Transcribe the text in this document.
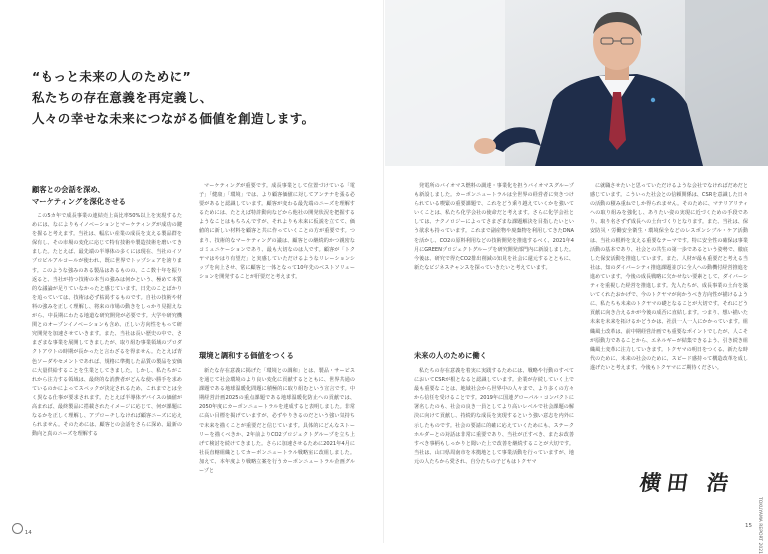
“もっと未来の人のために”
私たちの存在意義を再定義し、
人々の幸せな未来につながる価値を創造します。
顧客との会話を深め、
マーケティングを深化させる

この5カ年で成長事業の連結売上高比率50%以上を実現するためには、なによりもイノベーションとマーケティングが成功の鍵を握ると考えます。当社は、幅広い産業の成長を支える製品群を保有し、その市場の変化に応じて特有技術や製造技術を磨いてきました。たとえば、最先端の半導体の多くには現在、当社のイソプロピルアルコールが使われ、既に世界でトップシェアを誇ります。このような強みのある製品はあるものの、ここ数十年を振り返ると、当社が持つ技術の本当の強みは何かという、極めて本質的な議論が足りていなかったと感じています。日先のことばかりを追っていては、技術は必ず枯渇するものです。自社の技術や材料の強みを正しく理解し、将来の市場の動きをしっかり見据えながら、中長期にわたる地道な研究開発が必要です。大学や研究機関とのオープンイノベーションも含め、正しい方向性をもって研究開発を加速させていきます。また、当社は長い歴史の中で、さまざまな事業を展開してきましたが、取り組む事業領域のプロダクトアウトの時期が長かったと言わざるを得ません。たとえば青色ソーダやセメントであれば、規格に準拠した品質の製品を安価に大量供給することを生業としてきました。しかし、私たちがこれから注力する領域は、最終的な消費者がどんな使い勝手を求めているのかによってスペックが決定されるため、これまでとは全く異なる仕事が要求されます。たとえば半導体デバイスの価値が高まれば、最終製品に搭載されたイメージに応じて、何が課題になるかを正しく理解し、アプローチしなければ顧客ニーズに応えられません。そのためには、顧客との会話をさらに深め、最新の動向と真のニーズを理解する

マーケティングが重要です。成長事業として位置づけている「電子」「健康」「環境」では、より顧客価値に対してアンテナを張る必要があると認識しています。顧客が変わる最先端のニーズを理解するためには、たとえば特許動向などから他社の開発状況を把握するようなことはもちろんですが、それよりも未来に仮説を立てて、価値的に新しい材料を顧客と共に作っていくことの方が重要です。つまり、技術的なマーケティングの議は、顧客との継続的かつ親密なコミュニケーションであり、最も大切なのは人です。顧客が「トクヤマはやはり有望だ」と実感していただけるようなリレーションシップを向上させ、常に顧客と一体となって10年先のベストソリューションを開発することが肝要だと考えます。

環境と調和する価値をつくる

新たな存在意義に掲げた「環境との調和」とは、製品・サービスを通じて社会環境のより良い変化に貢献するとともに、世界共通の課題である地球温暖化問題に積極的に取り組むという宣言です。中期経営計画2025の重点課題である地球温暖化防止への貢献では、2050年度にカーボンニュートラルを達成すると表明しました。非常に高い目標を掲げていますが、必ずやりきるのだという強い気持ちで未来を描くことが重要だと信じています。具体的にどんなストーリーを描くべきか、2年前よりCO2プロジェクトグループを立ち上げて検討を続けてきました。さらに加速させるために2021年4月に社長直轄組織としてカーボンニュートラル戦略室に改組しました。加えて、本年度より戦略立案を行うカーボンニュートラル企画グループと

14

発電所のバイオマス燃料の調達・事業化を担うバイオマスグループも新設しました。カーボンニュートラルは全世界の経営者に突きつけられている喫緊の重要課題で、これをどう乗り越えていくかを強いていくことは、私たち化学会社の使命だと考えます。さらに化学会社としては、ナクノロジーによってさまざまな課題解決を目指したいという欲求も持っています。これまで副産物や廃棄物を利用してきたDNAを活かし、CO2の原料利用などの技術開発を推進するべく、2021年4月にGREENプロジェクトグループを研究開発部門内に新設しました。今後は、研究で得たCO2排出削減の知見を社会に還元するとともに、新たなビジネスチャンスを探っていきたいと考えています。

未来の人のために働く

私たちの存在意義を着実に実践するためには、戦略や行動のすべてにおいてCSRが根となると認識しています。企業が存続していく上で最も重要なことは、地域社会から世界中の人々まで、より多くの方々から信任を受けることです。2019年に国連グローバル・コンパクトに署名したのも、社会の良き一員としてより高いレベルで社会課題の解決に向けて貢献し、持続的な成長を実現するという強い意志を内外に示したものです。社会の要請に的確に応えていくためにも、ステークホルダーとの対話は非常に重要であり、当社が正すべき、またお改善すべき事柄もしっかりと聞いた上で改善を継続することが大切です。当社は、山口県周南市を本拠地として事業活動を行っていますが、地元の人たちから愛され、自分たちの子どもはトクヤマ

に就職させたいと思っていただけるような会社でなければだめだと感じています。こういった社会との信頼関係は、CSRを意識した日々の活動の積み重ねでしか得られません。そのために、マテリアリティへの取り組みを強化し、ありたい姿の実現に近づくための手段であり、取り名さずず成長への土台づくりとなります。また、当社は、保安防災・労働安全衛生・環境保全などのレスポンシブル・ケア活動は、当社の根幹を支える重要なテーマです。特に安全性の確保は事業活動の基本であり、社会との共生の第一歩であるという姿勢で、徹底した保安活動を推進しています。また、人材が最も重要だと考える当社は、知のダイバーシティ推進課題並びに全人への動機付経営推進を進めています。今後の成長戦略に欠かせない要素として、ダイバーシティを重視した経営を推進します。先人たちが、成長事業の土台を築いてくれたおかげで、今のトクヤマが向かうべき方向性が描けるように、私たちも未来のトクヤマの礎となることが大切です。それにどう貢献に向き合えるかが今後の成否に直結します。つまり、想い描いた未来を未来を拓けるかどうかは、社員一人一人にかかっています。組織風土改革は、前中期経営計画でも重要なポイントでしたが、人こそが原動力であることから、エネルギーが結集できるよう、引き続き組織風土変革に注力していきます。トクヤマの明日をつくる、新たな時代のために、未来の社会のために、スピード感持って構造改革を成し遂げたいと考えます。今後もトクヤマにご期待ください。

横田 浩
TOKUYAMA REPORT 2021
15
